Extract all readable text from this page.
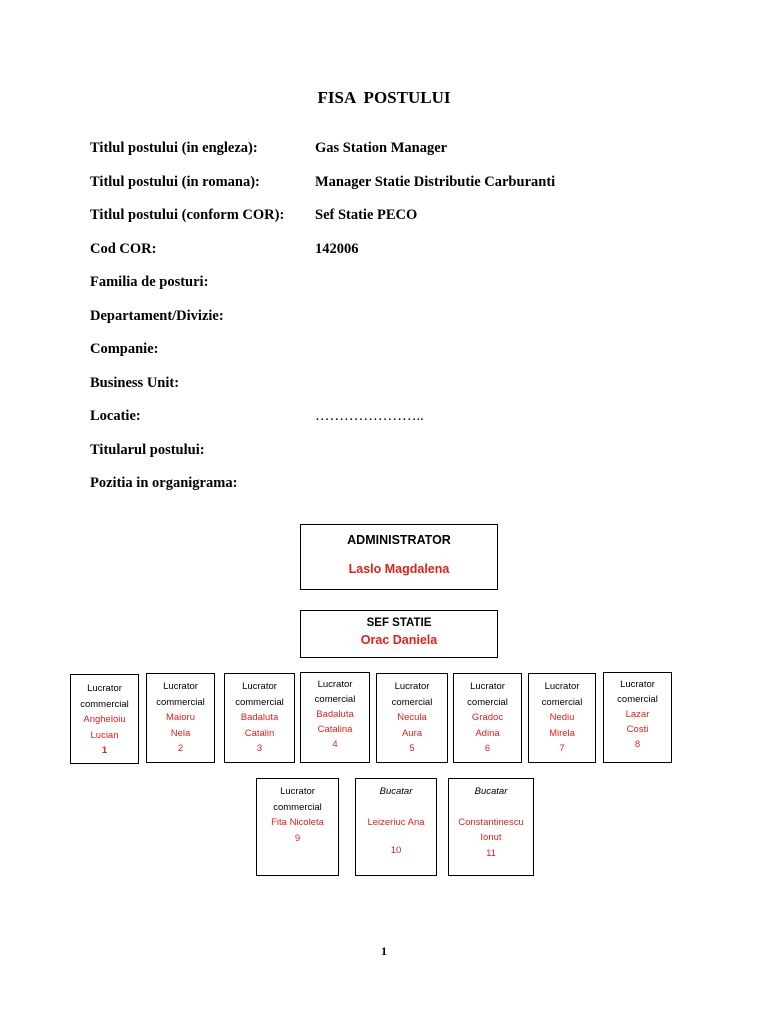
FISA POSTULUI
Titlul postului (in engleza):	Gas Station Manager
Titlul postului (in romana):	Manager Statie Distributie Carburanti
Titlul postului (conform COR): Sef Statie PECO
Cod COR:	142006
Familia de posturi:
Departament/Divizie:
Companie:
Business Unit:
Locatie:	…………………..
Titularul postului:
Pozitia in organigrama:
ADMINISTRATOR
Laslo Magdalena
SEF STATIE
Orac Daniela
Lucrator
commercial
Angheloiu
Lucian
1
Lucrator
commercial
Maioru
Nela
2
Lucrator
commercial
Badaluta
Catalin
3
Lucrator
comercial
Badaluta
Catalina
4
Lucrator
comercial
Necula
Aura
5
Lucrator
comercial
Gradoc
Adina
6
Lucrator
comercial
Nediu
Mirela
7
Lucrator
comercial
Lazar
Costi
8
Lucrator
commercial
Fita Nicoleta
9
Bucatar
Leizeriuc Ana
10
Bucatar
Constantinescu
Ionut
11
1
